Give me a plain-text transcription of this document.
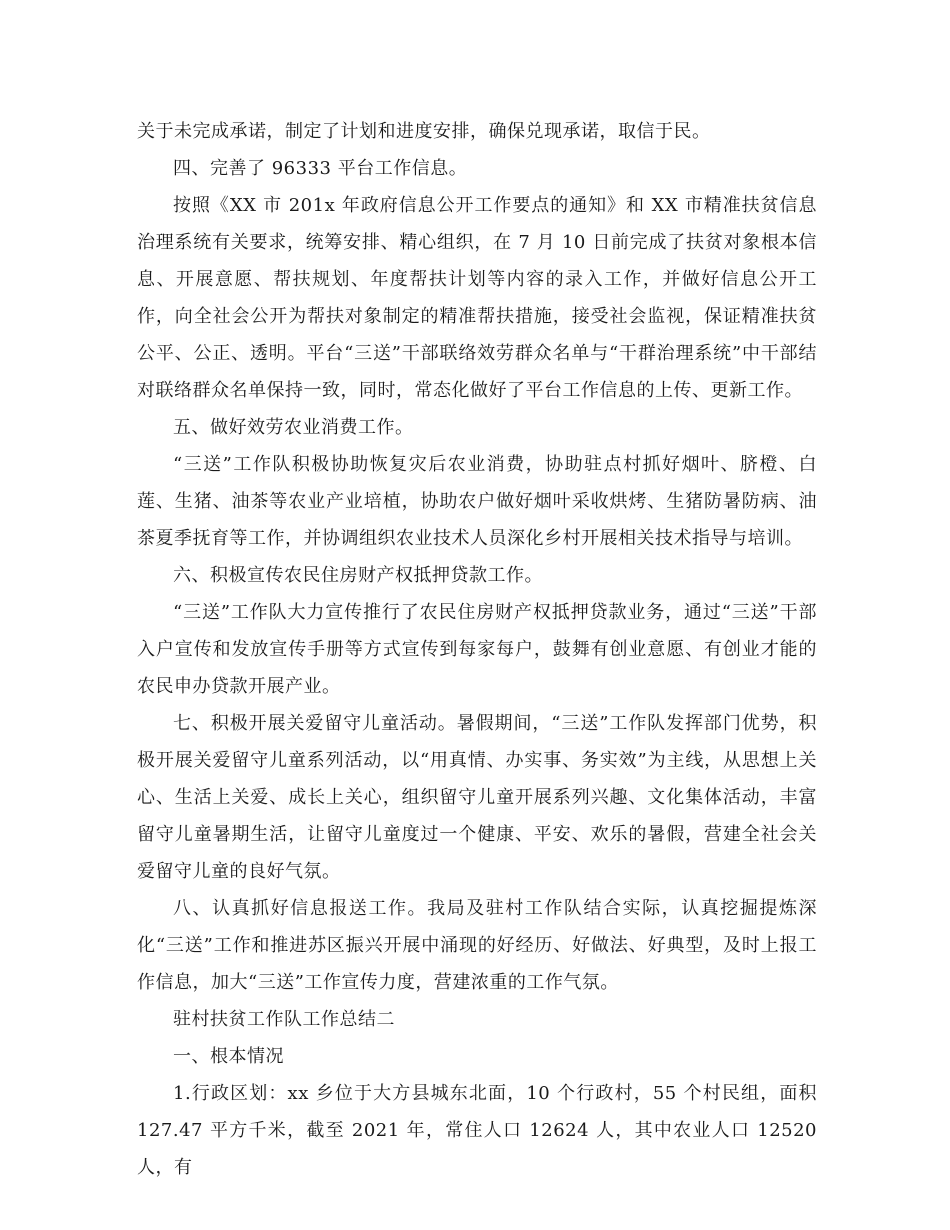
关于未完成承诺，制定了计划和进度安排，确保兑现承诺，取信于民。

四、完善了 96333 平台工作信息。

按照《XX 市 201x 年政府信息公开工作要点的通知》和 XX 市精准扶贫信息治理系统有关要求，统筹安排、精心组织，在 7 月 10 日前完成了扶贫对象根本信息、开展意愿、帮扶规划、年度帮扶计划等内容的录入工作，并做好信息公开工作，向全社会公开为帮扶对象制定的精准帮扶措施，接受社会监视，保证精准扶贫公平、公正、透明。平台“三送”干部联络效劳群众名单与“干群治理系统”中干部结对联络群众名单保持一致，同时，常态化做好了平台工作信息的上传、更新工作。

五、做好效劳农业消费工作。

“三送”工作队积极协助恢复灾后农业消费，协助驻点村抓好烟叶、脐橙、白莲、生猪、油茶等农业产业培植，协助农户做好烟叶采收烘烤、生猪防暑防病、油茶夏季抚育等工作，并协调组织农业技术人员深化乡村开展相关技术指导与培训。

六、积极宣传农民住房财产权抵押贷款工作。

“三送”工作队大力宣传推行了农民住房财产权抵押贷款业务，通过“三送”干部入户宣传和发放宣传手册等方式宣传到每家每户，鼓舞有创业意愿、有创业才能的农民申办贷款开展产业。

七、积极开展关爱留守儿童活动。暑假期间，“三送”工作队发挥部门优势，积极开展关爱留守儿童系列活动，以“用真情、办实事、务实效”为主线，从思想上关心、生活上关爱、成长上关心，组织留守儿童开展系列兴趣、文化集体活动，丰富留守儿童暑期生活，让留守儿童度过一个健康、平安、欢乐的暑假，营建全社会关爱留守儿童的良好气氛。

八、认真抓好信息报送工作。我局及驻村工作队结合实际，认真挖掘提炼深化“三送”工作和推进苏区振兴开展中涌现的好经历、好做法、好典型，及时上报工作信息，加大“三送”工作宣传力度，营建浓重的工作气氛。

驻村扶贫工作队工作总结二

一、根本情况

1.行政区划：xx 乡位于大方县城东北面，10 个行政村，55 个村民组，面积 127.47 平方千米，截至 2021 年，常住人口 12624 人，其中农业人口 12520 人，有
